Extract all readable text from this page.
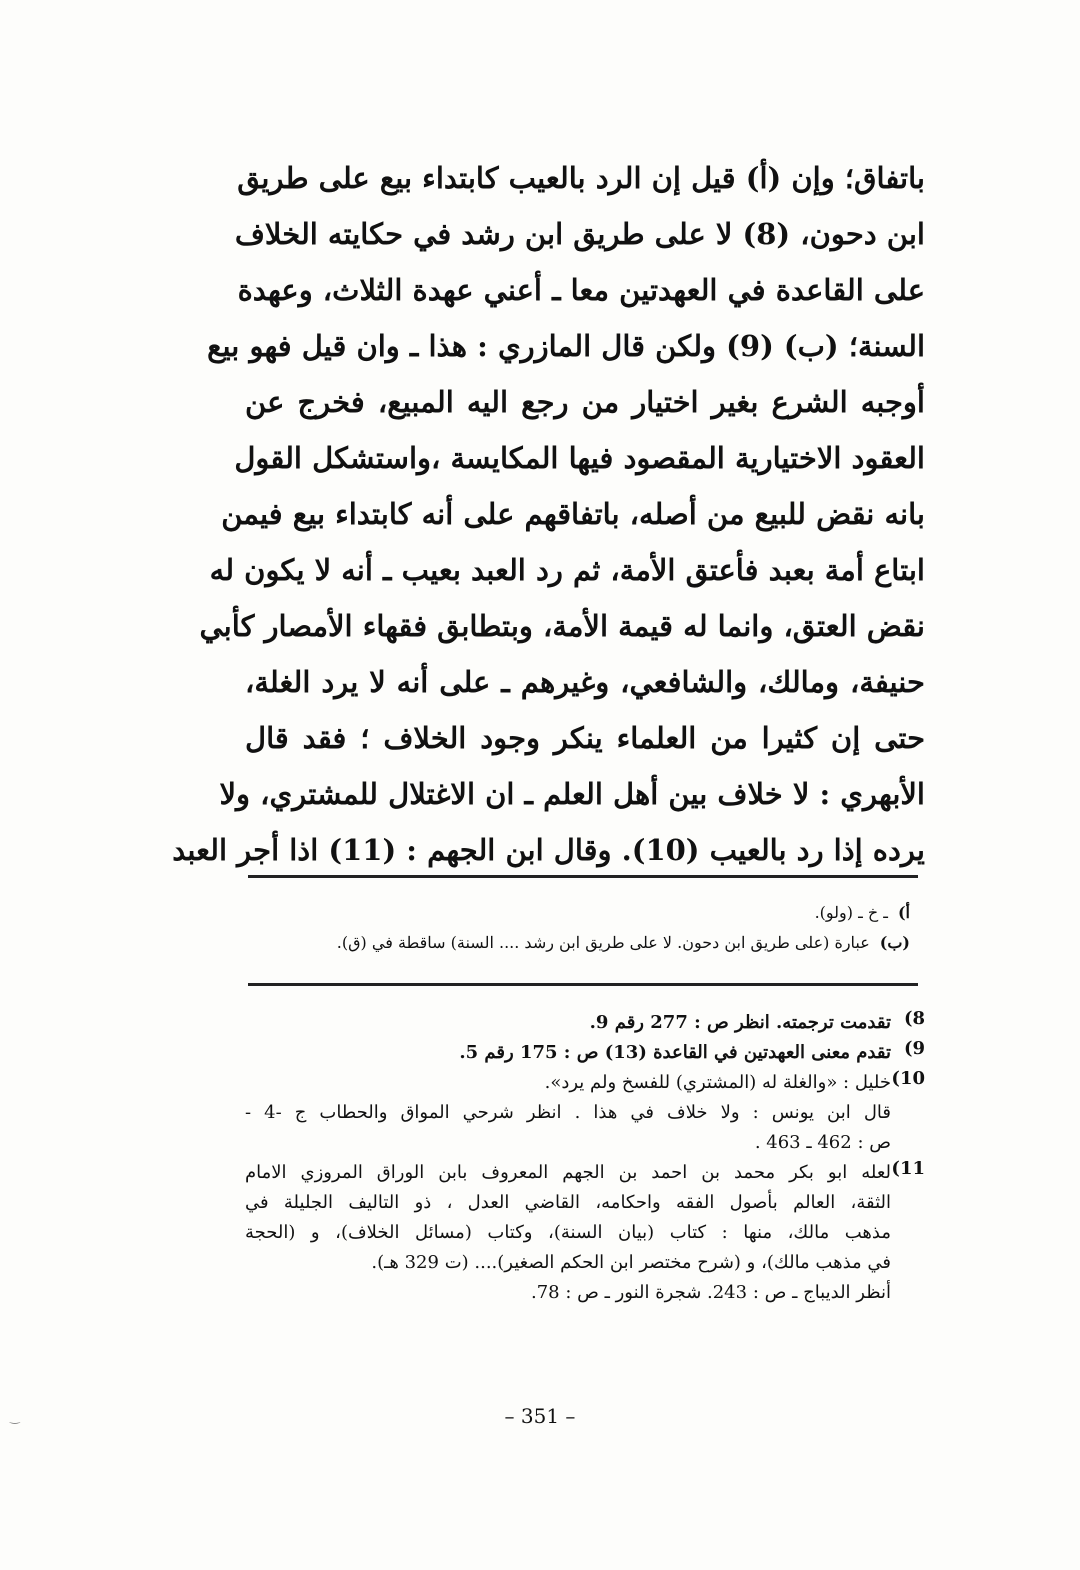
باتفاق؛ وإن (أ) قيل إن الرد بالعيب كابتداء بيع على طريق
ابن دحون، (8) لا على طريق ابن رشد في حكايته الخلاف
على القاعدة في العهدتين معا ـ أعني عهدة الثلاث، وعهدة
السنة؛ (ب) (9) ولكن قال المازري : هذا ـ وان قيل فهو بيع
أوجبه الشرع بغير اختيار من رجع اليه المبيع، فخرج عن
العقود الاختيارية المقصود فيها المكايسة ،واستشكل القول
بانه نقض للبيع من أصله، باتفاقهم على أنه كابتداء بيع فيمن
ابتاع أمة بعبد فأعتق الأمة، ثم رد العبد بعيب ـ أنه لا يكون له
نقض العتق، وانما له قيمة الأمة، وبتطابق فقهاء الأمصار كأبي
حنيفة، ومالك، والشافعي، وغيرهم ـ على أنه لا يرد الغلة،
حتى إن كثيرا من العلماء ينكر وجود الخلاف ؛ فقد قال
الأبهري : لا خلاف بين أهل العلم ـ ان الاغتلال للمشتري، ولا
يرده إذا رد بالعيب (10). وقال ابن الجهم : (11) اذا أجر العبد
أ)ـ خ ـ (ولو).
(ب)عبارة (على طريق ابن دحون. لا على طريق ابن رشد .... السنة) ساقطة في (ق).
8)
تقدمت ترجمته. انظر ص : 277 رقم 9.
9)
تقدم معنى العهدتين في القاعدة (13) ص : 175 رقم 5.
10)
خليل : «والغلة له (المشتري) للفسخ ولم يرد».
قال ابن يونس : ولا خلاف في هذا . انظر شرحي المواق والحطاب ج -4 -
ص : 462 ـ 463 .
11)
لعله ابو بكر محمد بن احمد بن الجهم المعروف بابن الوراق المروزي الامام
الثقة، العالم بأصول الفقه واحكامه، القاضي العدل ، ذو التاليف الجليلة في
مذهب مالك، منها : كتاب (بيان السنة)، وكتاب (مسائل الخلاف)، و (الحجة
في مذهب مالك)، و (شرح مختصر ابن الحكم الصغير).... (ت 329 هـ).
أنظر الديباج ـ ص : 243. شجرة النور ـ ص : 78.
– 351 –
‿
